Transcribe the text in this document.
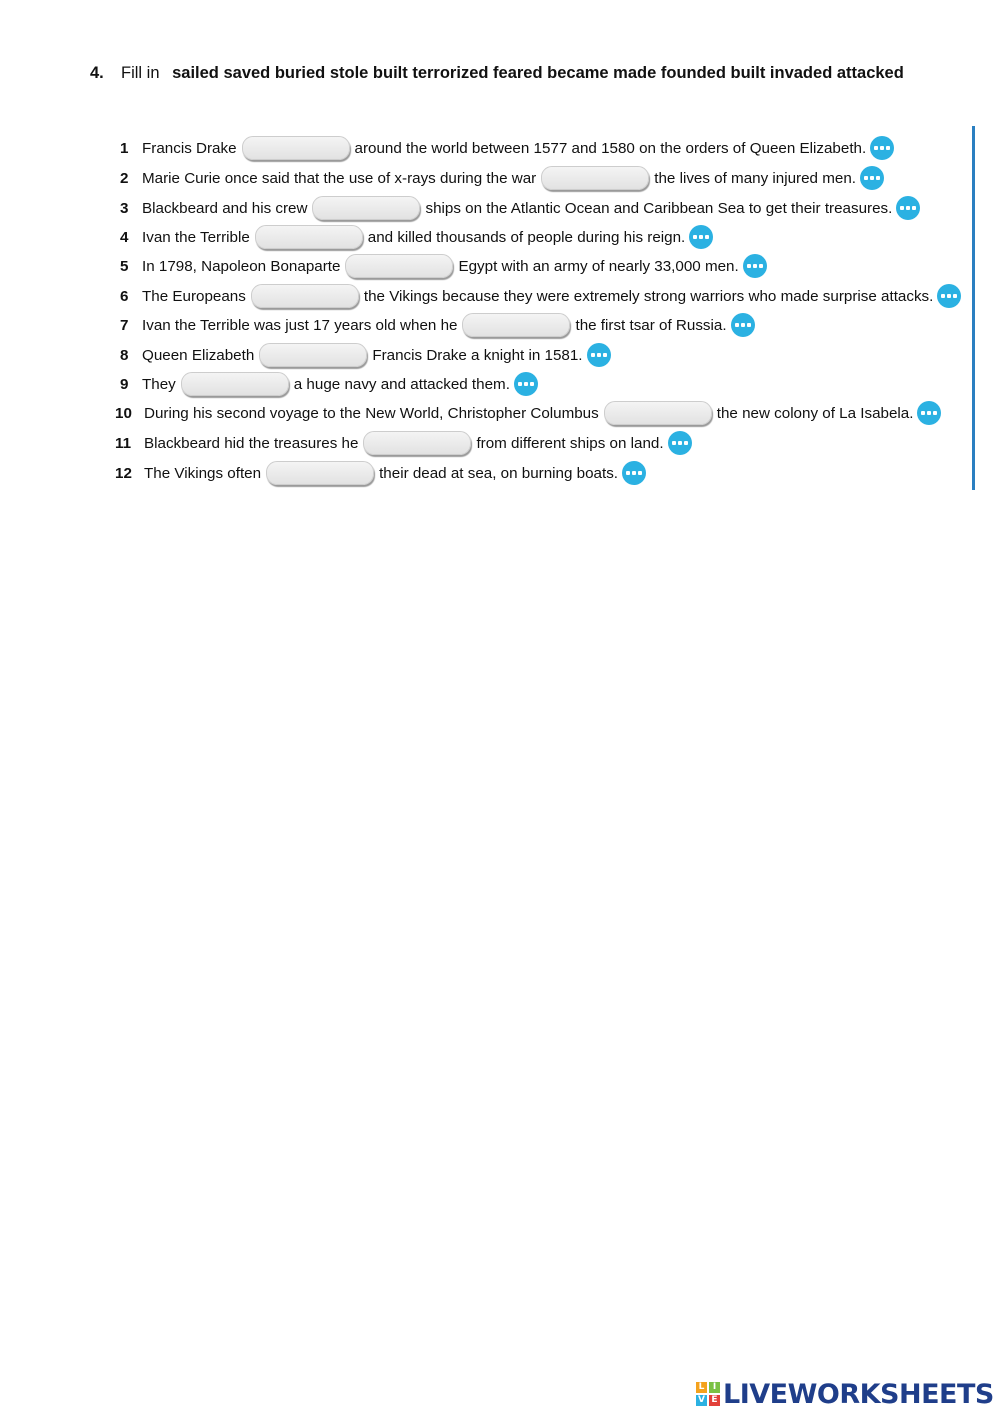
4. Fill in sailed saved buried stole built terrorized feared became made founded built invaded attacked
1 Francis Drake	around the world between 1577 and 1580 on the orders of Queen Elizabeth.
2 Marie Curie once said that the use of x-rays during the war	the lives of many injured men.
3 Blackbeard and his crew	ships on the Atlantic Ocean and Caribbean Sea to get their treasures.
4 Ivan the Terrible	and killed thousands of people during his reign.
5 In 1798, Napoleon Bonaparte	Egypt with an army of nearly 33,000 men.
6 The Europeans	the Vikings because they were extremely strong warriors who made surprise attacks.
7 Ivan the Terrible was just 17 years old when he	the first tsar of Russia.
8 Queen Elizabeth	Francis Drake a knight in 1581.
9 They	a huge navy and attacked them.
10 During his second voyage to the New World, Christopher Columbus	the new colony of La Isabela.
11 Blackbeard hid the treasures he	from different ships on land.
12 The Vikings often	their dead at sea, on burning boats.
L I
V E LIVEWORKSHEETS
